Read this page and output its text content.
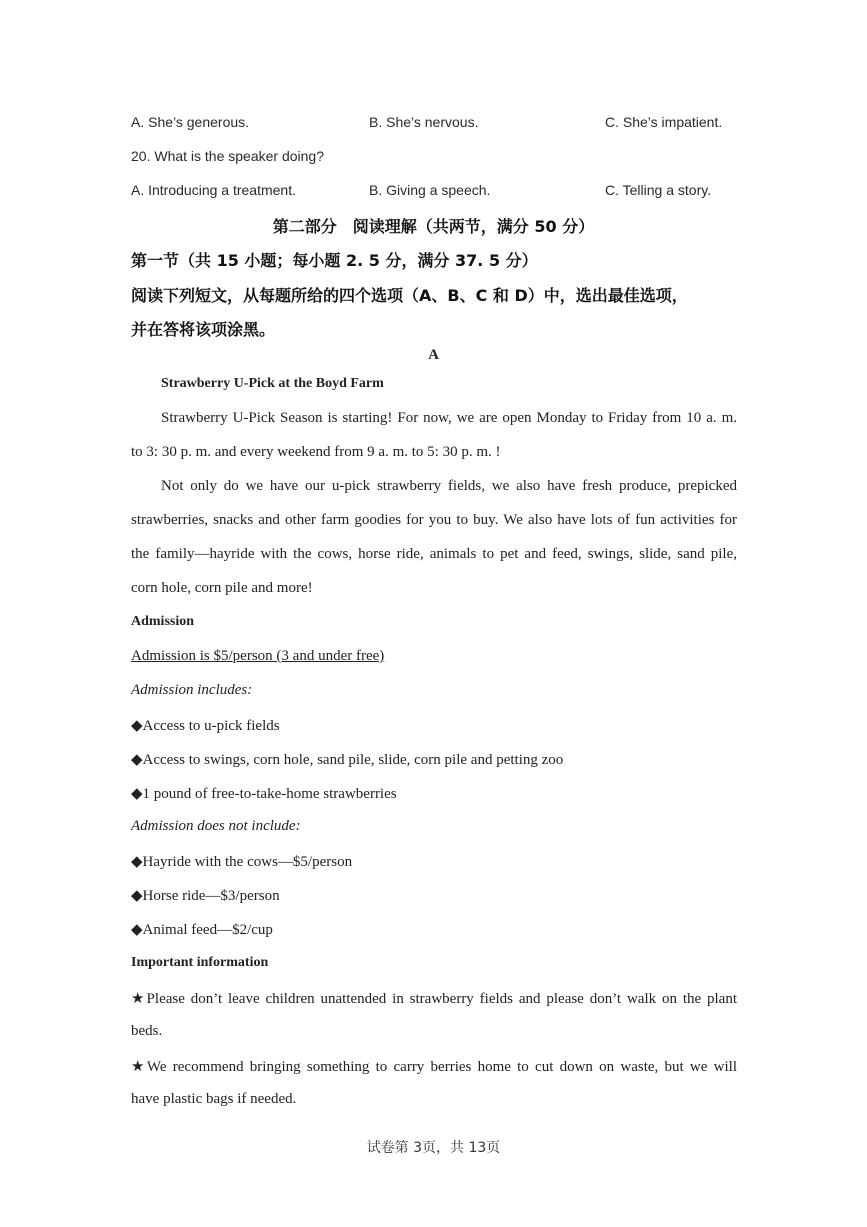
A. She’s generous.	B. She’s nervous.	C. She’s impatient.
20. What is the speaker doing?
A. Introducing a treatment.	B. Giving a speech.	C. Telling a story.
第二部分　阅读理解（共两节，满分 50 分）
第一节（共 15 小题；每小题 2. 5 分，满分 37. 5 分）
阅读下列短文，从每题所给的四个选项（A、B、C 和 D）中，选出最佳选项，
并在答将该项涂黑。
A
Strawberry U-Pick at the Boyd Farm
Strawberry U-Pick Season is starting! For now, we are open Monday to Friday from 10 a. m.
to 3: 30 p. m. and every weekend from 9 a. m. to 5: 30 p. m. !
Not only do we have our u-pick strawberry fields, we also have fresh produce, prepicked
strawberries, snacks and other farm goodies for you to buy. We also have lots of fun activities for
the family—hayride with the cows, horse ride, animals to pet and feed, swings, slide, sand pile,
corn hole, corn pile and more!
Admission
Admission is $5/person (3 and under free)
Admission includes:
◆Access to u-pick fields
◆Access to swings, corn hole, sand pile, slide, corn pile and petting zoo
◆1 pound of free-to-take-home strawberries
Admission does not include:
◆Hayride with the cows—$5/person
◆Horse ride—$3/person
◆Animal feed—$2/cup
Important information
★Please don’t leave children unattended in strawberry fields and please don’t walk on the plant
beds.
★We recommend bringing something to carry berries home to cut down on waste, but we will
have plastic bags if needed.
试卷第 3页，共 13页
